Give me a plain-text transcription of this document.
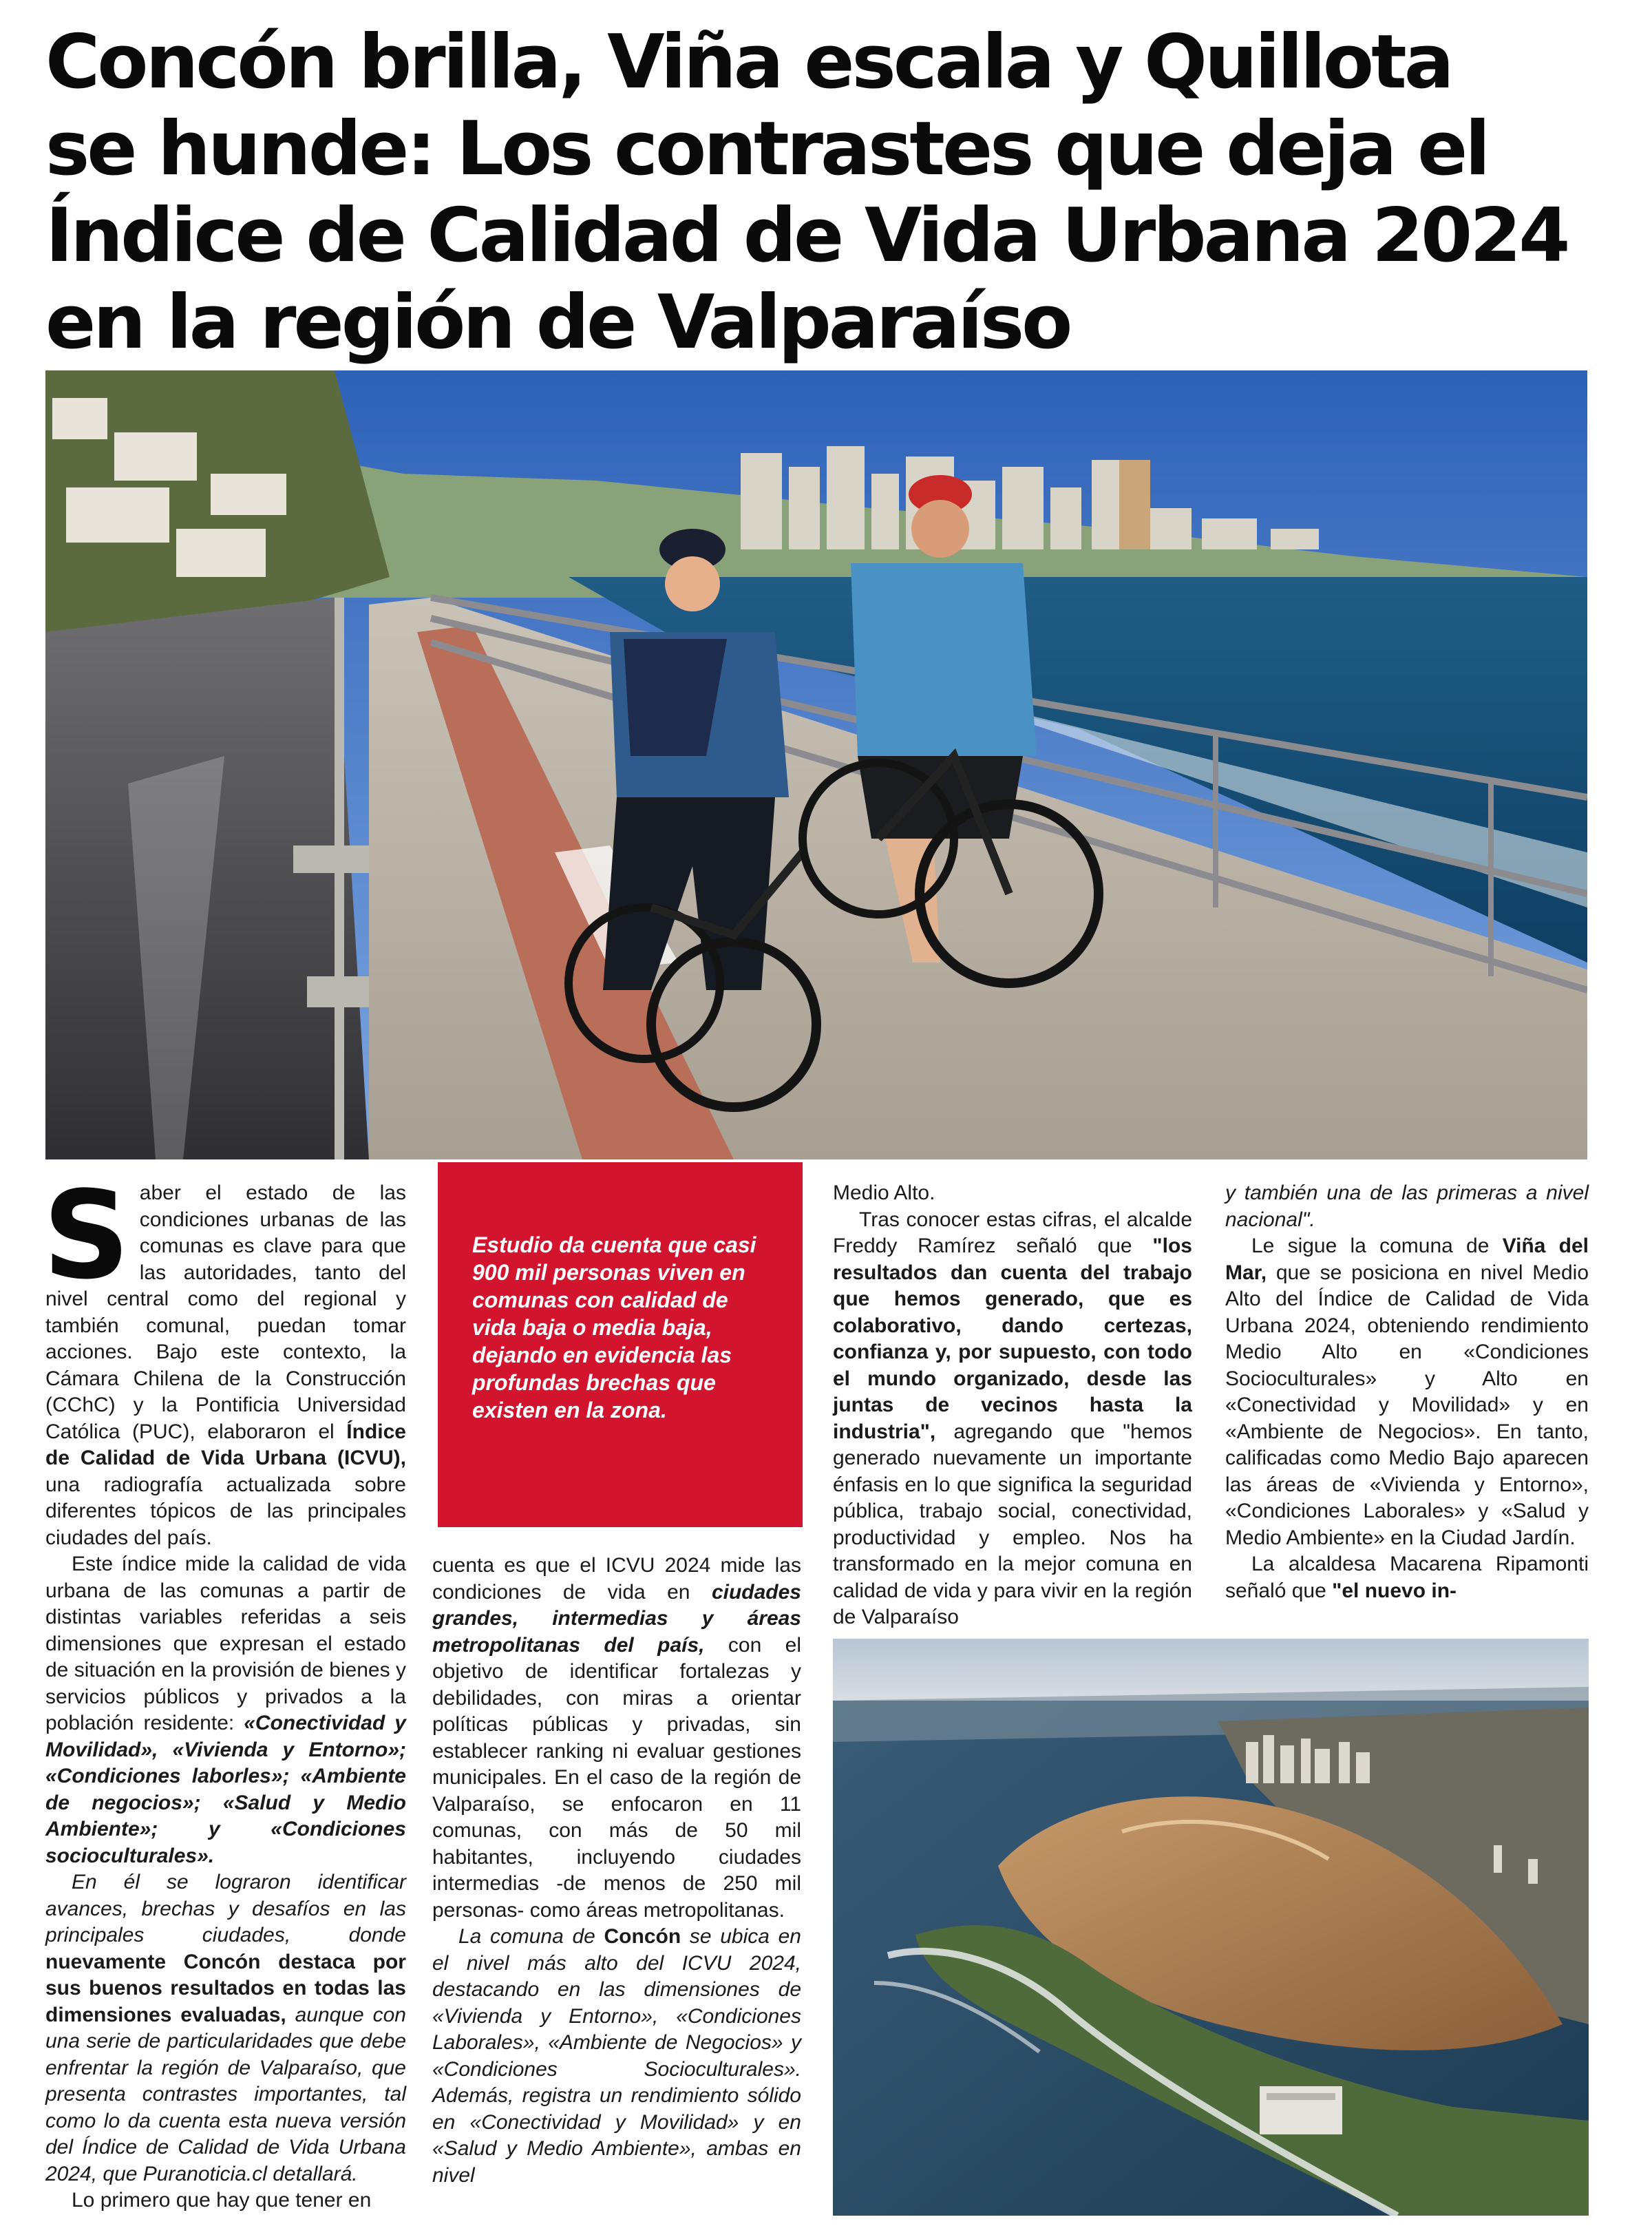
Concón brilla, Viña escala y Quillota
se hunde: Los contrastes que deja el
Índice de Calidad de Vida Urbana 2024
en la región de Valparaíso

Saber el estado de las condiciones urbanas de las comunas es clave para que las autoridades, tanto del nivel central como del regional y también comunal, puedan tomar acciones. Bajo este contexto, la Cámara Chilena de la Construcción (CChC) y la Pontificia Universidad Católica (PUC), elaboraron el Índice de Calidad de Vida Urbana (ICVU), una radiografía actualizada sobre diferentes tópicos de las principales ciudades del país.

Este índice mide la calidad de vida urbana de las comunas a partir de distintas variables referidas a seis dimensiones que expresan el estado de situación en la provisión de bienes y servicios públicos y privados a la población residente: «Conectividad y Movilidad», «Vivienda y Entorno»; «Condiciones laborles»; «Ambiente de negocios»; «Salud y Medio Ambiente»; y «Condiciones socioculturales».

En él se lograron identificar avances, brechas y desafíos en las principales ciudades, donde nuevamente Concón destaca por sus buenos resultados en todas las dimensiones evaluadas, aunque con una serie de particularidades que debe enfrentar la región de Valparaíso, que presenta contrastes importantes, tal como lo da cuenta esta nueva versión del Índice de Calidad de Vida Urbana 2024, que Puranoticia.cl detallará.

Lo primero que hay que tener en

Estudio da cuenta que casi 900 mil personas viven en comunas con calidad de vida baja o media baja, dejando en evidencia las profundas brechas que existen en la zona.

cuenta es que el ICVU 2024 mide las condiciones de vida en ciudades grandes, intermedias y áreas metropolitanas del país, con el objetivo de identificar fortalezas y debilidades, con miras a orientar políticas públicas y privadas, sin establecer ranking ni evaluar gestiones municipales. En el caso de la región de Valparaíso, se enfocaron en 11 comunas, con más de 50 mil habitantes, incluyendo ciudades intermedias -de menos de 250 mil personas- como áreas metropolitanas.

La comuna de Concón se ubica en el nivel más alto del ICVU 2024, destacando en las dimensiones de «Vivienda y Entorno», «Condiciones Laborales», «Ambiente de Negocios» y «Condiciones Socioculturales». Además, registra un rendimiento sólido en «Conectividad y Movilidad» y en «Salud y Medio Ambiente», ambas en nivel

Medio Alto.

Tras conocer estas cifras, el alcalde Freddy Ramírez señaló que "los resultados dan cuenta del trabajo que hemos generado, que es colaborativo, dando certezas, confianza y, por supuesto, con todo el mundo organizado, desde las juntas de vecinos hasta la industria", agregando que "hemos generado nuevamente un importante énfasis en lo que significa la seguridad pública, trabajo social, conectividad, productividad y empleo. Nos ha transformado en la mejor comuna en calidad de vida y para vivir en la región de Valparaíso

y también una de las primeras a nivel nacional".

Le sigue la comuna de Viña del Mar, que se posiciona en nivel Medio Alto del Índice de Calidad de Vida Urbana 2024, obteniendo rendimiento Medio Alto en «Condiciones Socioculturales» y Alto en «Conectividad y Movilidad» y en «Ambiente de Negocios». En tanto, calificadas como Medio Bajo aparecen las áreas de «Vivienda y Entorno», «Condiciones Laborales» y «Salud y Medio Ambiente» en la Ciudad Jardín.

La alcaldesa Macarena Ripamonti señaló que "el nuevo in-
